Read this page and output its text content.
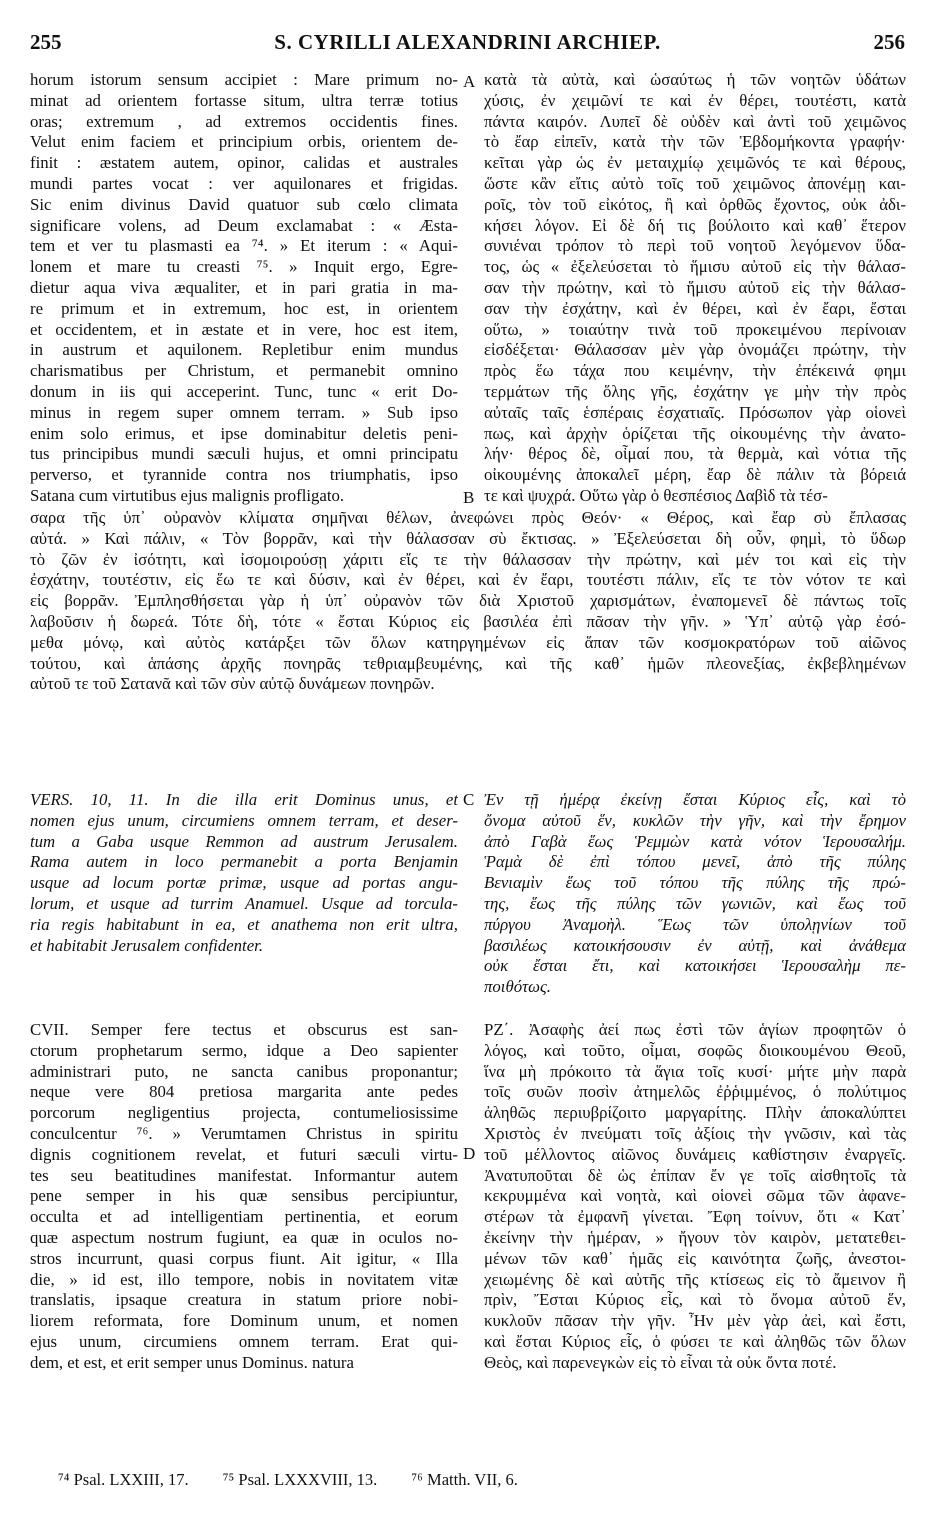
255	S. CYRILLI ALEXANDRINI ARCHIEP.	256
A
B
C
D
horum istorum sensum accipiet : Mare primum no-
minat ad orientem fortasse situm, ultra terræ totius
oras; extremum , ad extremos occidentis fines.
Velut enim faciem et principium orbis, orientem de-
finit : æstatem autem, opinor, calidas et australes
mundi partes vocat : ver aquilonares et frigidas.
Sic enim divinus David quatuor sub cœlo climata
significare volens, ad Deum exclamabat : « Æsta-
tem et ver tu plasmasti ea ⁷⁴. » Et iterum : « Aqui-
lonem et mare tu creasti ⁷⁵. » Inquit ergo, Egre-
dietur aqua viva æqualiter, et in pari gratia in ma-
re primum et in extremum, hoc est, in orientem
et occidentem, et in æstate et in vere, hoc est item,
in austrum et aquilonem. Repletibur enim mundus
charismatibus per Christum, et permanebit omnino
donum in iis qui acceperint. Tunc, tunc « erit Do-
minus in regem super omnem terram. » Sub ipso
enim solo erimus, et ipse dominabitur deletis peni-
tus principibus mundi sæculi hujus, et omni principatu
perverso, et tyrannide contra nos triumphatis, ipso
Satana cum virtutibus ejus malignis profligato.
κατὰ τὰ αὐτὰ, καὶ ὡσαύτως ἡ τῶν νοητῶν ὑδάτων
χύσις, ἐν χειμῶνί τε καὶ ἐν θέρει, τουτέστι, κατὰ
πάντα καιρόν. Λυπεῖ δὲ οὐδὲν καὶ ἀντὶ τοῦ χειμῶνος
τὸ ἔαρ εἰπεῖν, κατὰ τὴν τῶν Ἑβδομήκοντα γραφήν·
κεῖται γὰρ ὡς ἐν μεταιχμίῳ χειμῶνός τε καὶ θέρους,
ὥστε κἂν εἴτις αὐτὸ τοῖς τοῦ χειμῶνος ἀπονέμῃ και-
ροῖς, τὸν τοῦ εἰκότος, ἢ καὶ ὀρθῶς ἔχοντος, οὐκ ἀδι-
κήσει λόγον. Εἰ δὲ δή τις βούλοιτο καὶ καθ᾽ ἕτερον
συνιέναι τρόπον τὸ περὶ τοῦ νοητοῦ λεγόμενον ὕδα-
τος, ὡς « ἐξελεύσεται τὸ ἥμισυ αὐτοῦ εἰς τὴν θάλασ-
σαν τὴν πρώτην, καὶ τὸ ἥμισυ αὐτοῦ εἰς τὴν θάλασ-
σαν τὴν ἐσχάτην, καὶ ἐν θέρει, καὶ ἐν ἔαρι, ἔσται
οὕτω, » τοιαύτην τινὰ τοῦ προκειμένου περίνοιαν
εἰσδέξεται· Θάλασσαν μὲν γὰρ ὀνομάζει πρώτην, τὴν
πρὸς ἕω τάχα που κειμένην, τὴν ἐπέκεινά φημι
τερμάτων τῆς ὅλης γῆς, ἐσχάτην γε μὴν τὴν πρὸς
αὐταῖς ταῖς ἑσπέραις ἐσχατιαῖς. Πρόσωπον γὰρ οἱονεὶ
πως, καὶ ἀρχὴν ὁρίζεται τῆς οἰκουμένης τὴν ἀνατο-
λήν· θέρος δὲ, οἶμαί που, τὰ θερμὰ, καὶ νότια τῆς
οἰκουμένης ἀποκαλεῖ μέρη, ἔαρ δὲ πάλιν τὰ βόρειά
τε καὶ ψυχρά. Οὕτω γὰρ ὁ θεσπέσιος Δαβὶδ τὰ τέσ-
σαρα τῆς ὑπ᾽ οὐρανὸν κλίματα σημῆναι θέλων, ἀνεφώνει πρὸς Θεόν· « Θέρος, καὶ ἔαρ σὺ ἔπλασας
αὐτά. » Καὶ πάλιν, « Τὸν βορρᾶν, καὶ τὴν θάλασσαν σὺ ἔκτισας. » Ἐξελεύσεται δὴ οὖν, φημὶ, τὸ ὕδωρ
τὸ ζῶν ἐν ἰσότητι, καὶ ἰσομοιρούσῃ χάριτι εἴς τε τὴν θάλασσαν τὴν πρώτην, καὶ μέν τοι καὶ εἰς τὴν
ἐσχάτην, τουτέστιν, εἰς ἕω τε καὶ δύσιν, καὶ ἐν θέρει, καὶ ἐν ἔαρι, τουτέστι πάλιν, εἴς τε τὸν νότον τε καὶ
εἰς βορρᾶν. Ἐμπλησθήσεται γὰρ ἡ ὑπ᾽ οὐρανὸν τῶν διὰ Χριστοῦ χαρισμάτων, ἐναπομενεῖ δὲ πάντως τοῖς
λαβοῦσιν ἡ δωρεά. Τότε δὴ, τότε « ἔσται Κύριος εἰς βασιλέα ἐπὶ πᾶσαν τὴν γῆν. » Ὑπ᾽ αὐτῷ γὰρ ἐσό-
μεθα μόνῳ, καὶ αὐτὸς κατάρξει τῶν ὅλων κατηργημένων εἰς ἅπαν τῶν κοσμοκρατόρων τοῦ αἰῶνος
τούτου, καὶ ἁπάσης ἀρχῆς πονηρᾶς τεθριαμβευμένης, καὶ τῆς καθ᾽ ἡμῶν πλεονεξίας, ἐκβεβλημένων
αὐτοῦ τε τοῦ Σατανᾶ καὶ τῶν σὺν αὐτῷ δυνάμεων πονηρῶν.
VERS. 10, 11. In die illa erit Dominus unus, et
nomen ejus unum, circumiens omnem terram, et deser-
tum a Gaba usque Remmon ad austrum Jerusalem.
Rama autem in loco permanebit a porta Benjamin
usque ad locum portæ primæ, usque ad portas angu-
lorum, et usque ad turrim Anamuel. Usque ad torcula-
ria regis habitabunt in ea, et anathema non erit ultra,
et habitabit Jerusalem confidenter.
Ἐν τῇ ἡμέρᾳ ἐκείνῃ ἔσται Κύριος εἷς, καὶ τὸ
ὄνομα αὐτοῦ ἕν, κυκλῶν τὴν γῆν, καὶ τὴν ἔρημον
ἀπὸ Γαβὰ ἕως Ῥεμμὼν κατὰ νότον Ἱερουσαλήμ.
Ῥαμὰ δὲ ἐπὶ τόπου μενεῖ, ἀπὸ τῆς πύλης
Βενιαμὶν ἕως τοῦ τόπου τῆς πύλης τῆς πρώ-
της, ἕως τῆς πύλης τῶν γωνιῶν, καὶ ἕως τοῦ
πύργου Ἀναμοὴλ. Ἕως τῶν ὑπολῃνίων τοῦ
βασιλέως κατοικήσουσιν ἐν αὐτῇ, καὶ ἀνάθεμα
οὐκ ἔσται ἔτι, καὶ κατοικήσει Ἱερουσαλὴμ πε-
ποιθότως.
CVII. Semper fere tectus et obscurus est san-
ctorum prophetarum sermo, idque a Deo sapienter
administrari puto, ne sancta canibus proponantur;
neque vere 804 pretiosa margarita ante pedes
porcorum negligentius projecta, contumeliosissime
conculcentur ⁷⁶. » Verumtamen Christus in spiritu
dignis cognitionem revelat, et futuri sæculi virtu-
tes seu beatitudines manifestat. Informantur autem
pene semper in his quæ sensibus percipiuntur,
occulta et ad intelligentiam pertinentia, et eorum
quæ aspectum nostrum fugiunt, ea quæ in oculos no-
stros incurrunt, quasi corpus fiunt. Ait igitur, « Illa
die, » id est, illo tempore, nobis in novitatem vitæ
translatis, ipsaque creatura in statum priore nobi-
liorem reformata, fore Dominum unum, et nomen
ejus unum, circumiens omnem terram. Erat qui-
dem, et est, et erit semper unus Dominus. natura
ΡΖ΄. Ἀσαφὴς ἀεί πως ἐστὶ τῶν ἁγίων προφητῶν ὁ
λόγος, καὶ τοῦτο, οἶμαι, σοφῶς διοικουμένου Θεοῦ,
ἵνα μὴ πρόκοιτο τὰ ἅγια τοῖς κυσί· μήτε μὴν παρὰ
τοῖς συῶν ποσὶν ἀτημελῶς ἐῤῥιμμένος, ὁ πολύτιμος
ἀληθῶς περιυβρίζοιτο μαργαρίτης. Πλὴν ἀποκαλύπτει
Χριστὸς ἐν πνεύματι τοῖς ἀξίοις τὴν γνῶσιν, καὶ τὰς
τοῦ μέλλοντος αἰῶνος δυνάμεις καθίστησιν ἐναργεῖς.
Ἀνατυποῦται δὲ ὡς ἐπίπαν ἔν γε τοῖς αἰσθητοῖς τὰ
κεκρυμμένα καὶ νοητὰ, καὶ οἱονεὶ σῶμα τῶν ἀφανε-
στέρων τὰ ἐμφανῆ γίνεται. Ἔφη τοίνυν, ὅτι « Κατ᾽
ἐκείνην τὴν ἡμέραν, » ἤγουν τὸν καιρὸν, μετατεθει-
μένων τῶν καθ᾽ ἡμᾶς εἰς καινότητα ζωῆς, ἀνεστοι-
χειωμένης δὲ καὶ αὐτῆς τῆς κτίσεως εἰς τὸ ἄμεινον ἢ
πρὶν, Ἔσται Κύριος εἷς, καὶ τὸ ὄνομα αὐτοῦ ἕν,
κυκλοῦν πᾶσαν τὴν γῆν. Ἦν μὲν γὰρ ἀεὶ, καὶ ἔστι,
καὶ ἔσται Κύριος εἷς, ὁ φύσει τε καὶ ἀληθῶς τῶν ὅλων
Θεὸς, καὶ παρενεγκὼν εἰς τὸ εἶναι τὰ οὐκ ὄντα ποτέ.
⁷⁴ Psal. LXXIII, 17. ⁷⁵ Psal. LXXXVIII, 13. ⁷⁶ Matth. VII, 6.
